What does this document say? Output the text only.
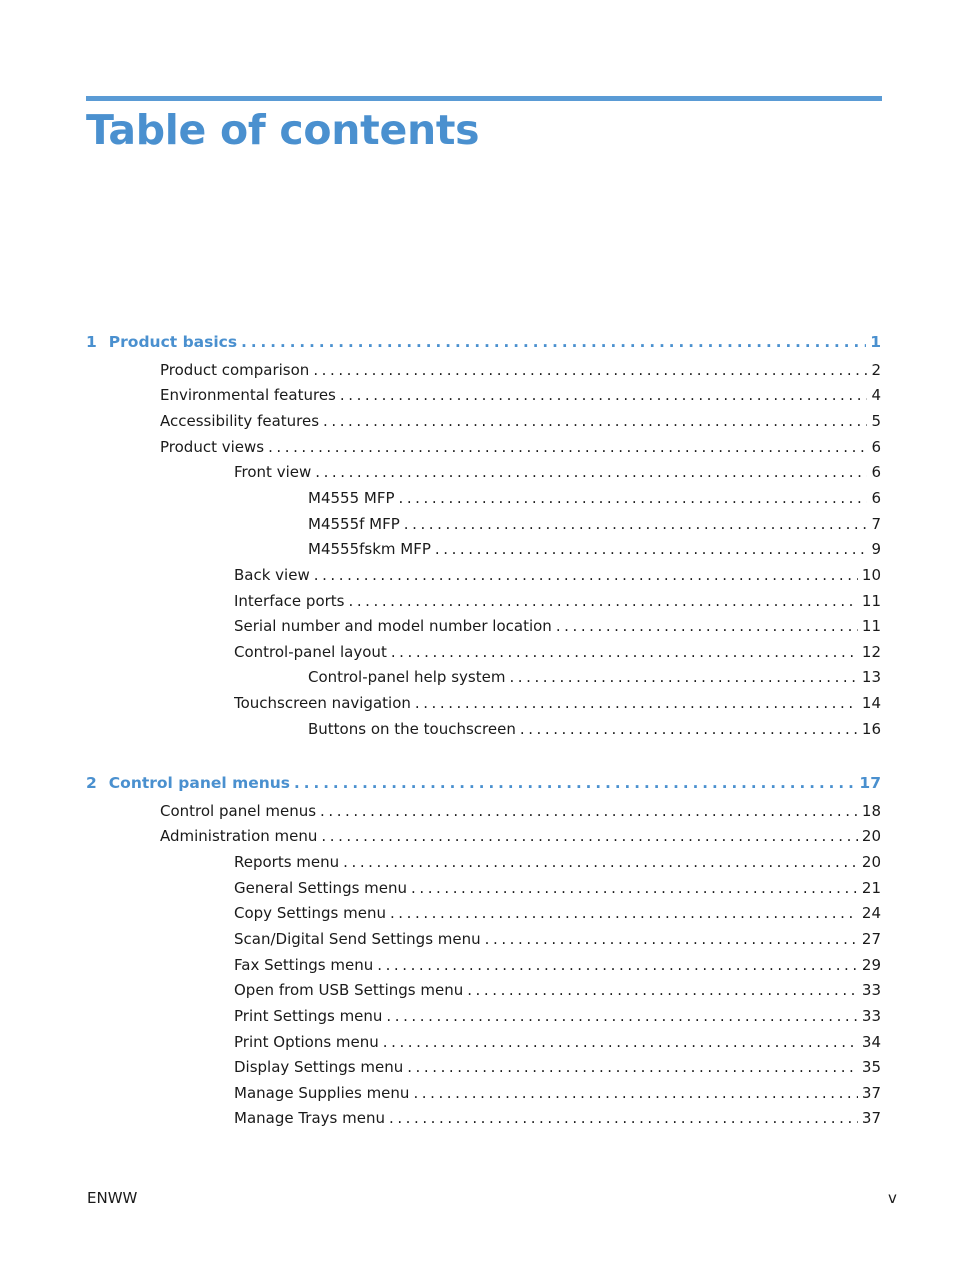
Table of contents
1 Product basics . . .	1
Product comparison . . .	2
Environmental features . . .	4
Accessibility features . . .	5
Product views . . .	6
Front view . . .	6
M4555 MFP . . .	6
M4555f MFP . . .	7
M4555fskm MFP . . .	9
Back view . . .	10
Interface ports . . .	11
Serial number and model number location . . .	11
Control-panel layout . . .	12
Control-panel help system . . .	13
Touchscreen navigation . . .	14
Buttons on the touchscreen . . .	16
2 Control panel menus . . .	17
Control panel menus . . .	18
Administration menu . . .	20
Reports menu . . .	20
General Settings menu . . .	21
Copy Settings menu . . .	24
Scan/Digital Send Settings menu . . .	27
Fax Settings menu . . .	29
Open from USB Settings menu . . .	33
Print Settings menu . . .	33
Print Options menu . . .	34
Display Settings menu . . .	35
Manage Supplies menu . . .	37
Manage Trays menu . . .	37
ENWW	v
